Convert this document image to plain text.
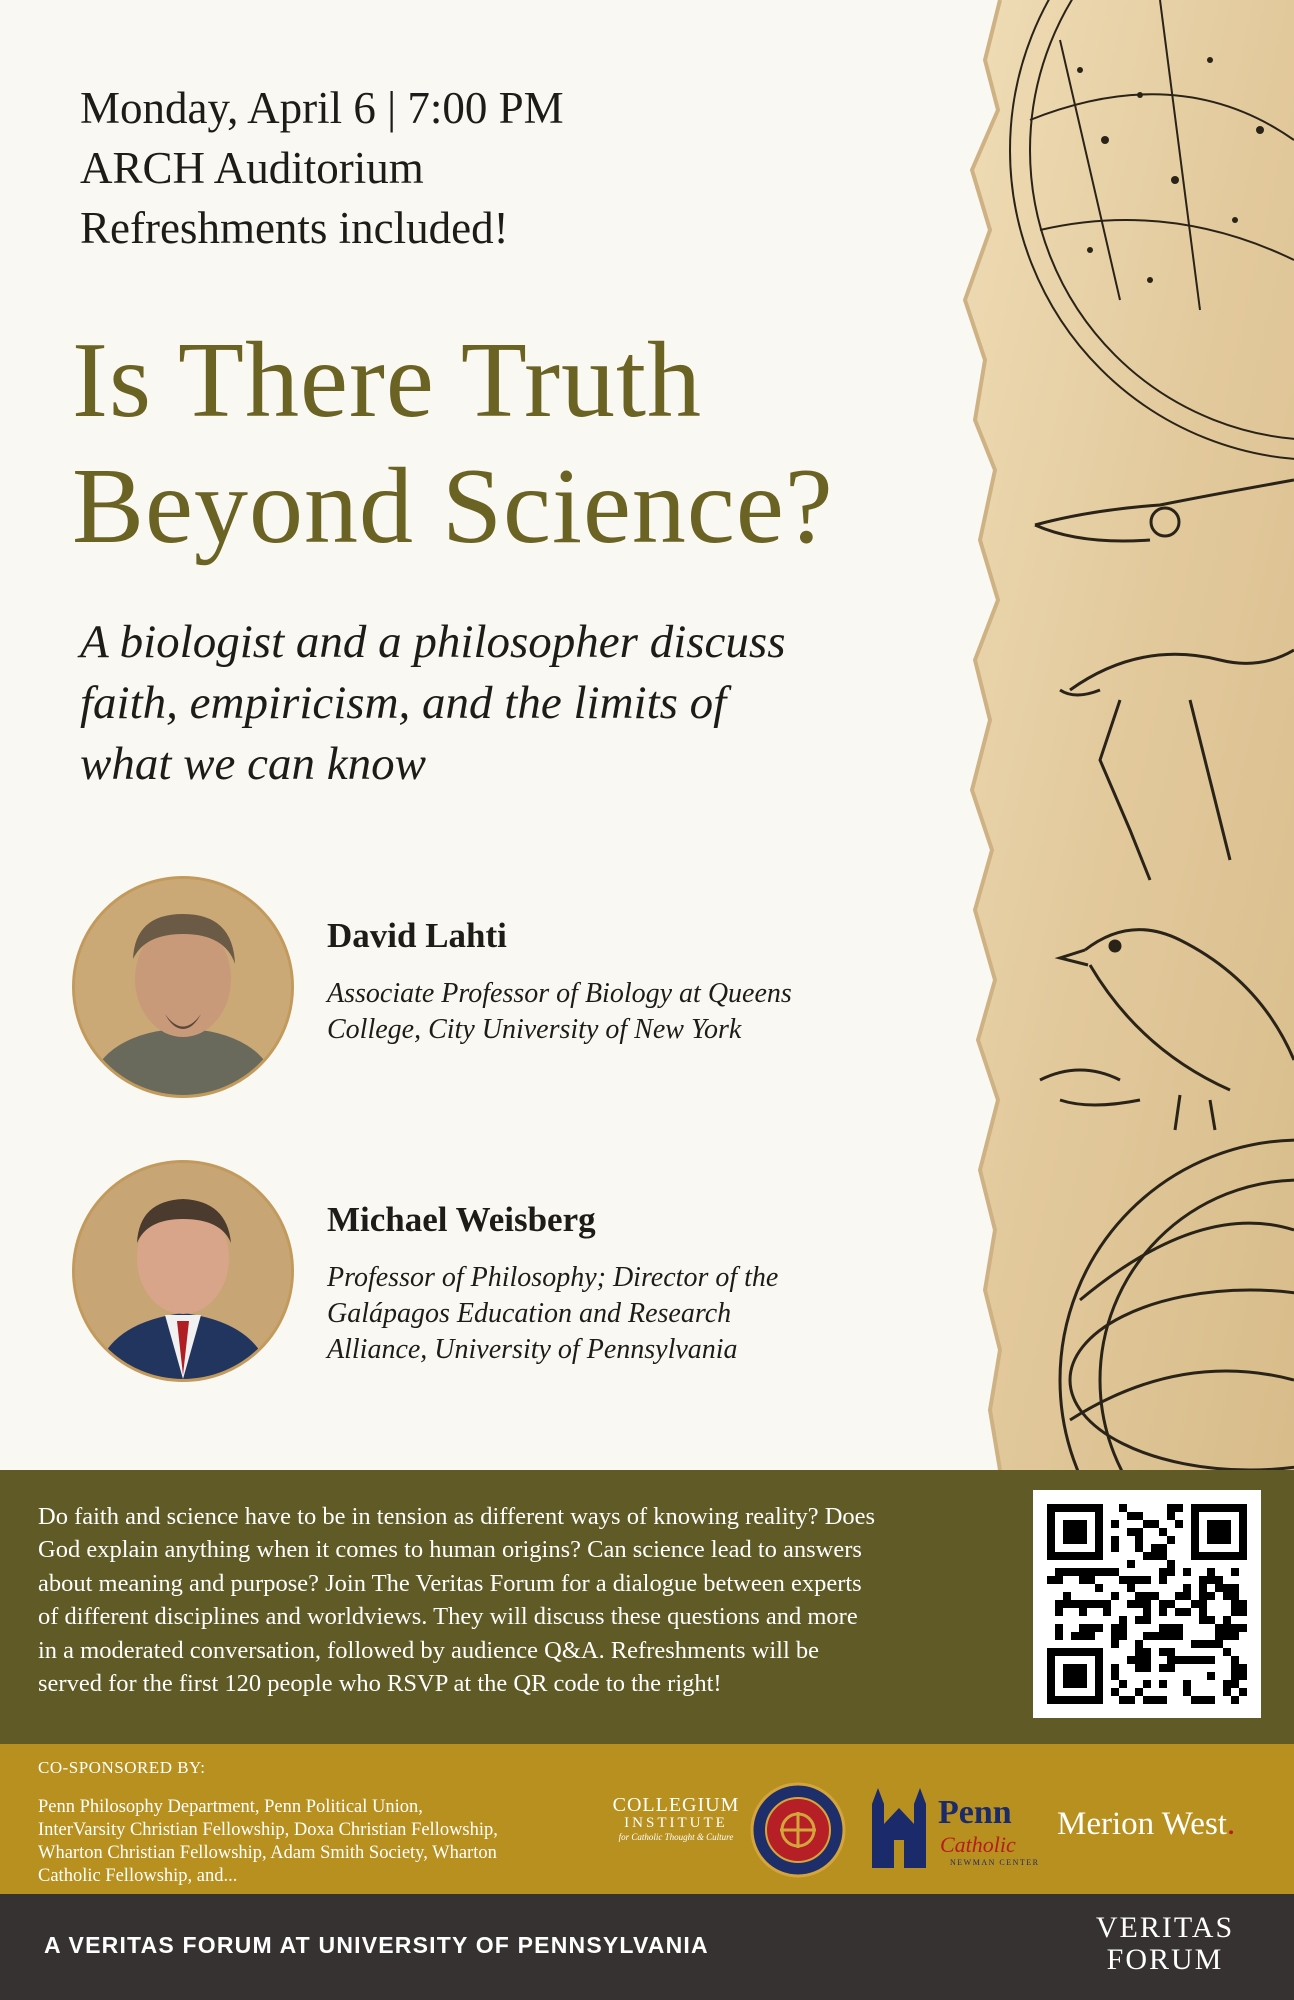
Monday, April 6 | 7:00 PM
ARCH Auditorium
Refreshments included!
Is There Truth
Beyond Science?
A biologist and a philosopher discuss
faith, empiricism, and the limits of
what we can know
David Lahti
Associate Professor of Biology at Queens
College, City University of New York
Michael Weisberg
Professor of Philosophy; Director of the
Galápagos Education and Research
Alliance, University of Pennsylvania
Do faith and science have to be in tension as different ways of knowing reality? Does
God explain anything when it comes to human origins? Can science lead to answers
about meaning and purpose? Join The Veritas Forum for a dialogue between experts
of different disciplines and worldviews. They will discuss these questions and more
in a moderated conversation, followed by audience Q&A. Refreshments will be
served for the first 120 people who RSVP at the QR code to the right!
CO-SPONSORED BY:
Penn Philosophy Department, Penn Political Union,
InterVarsity Christian Fellowship, Doxa Christian Fellowship,
Wharton Christian Fellowship, Adam Smith Society, Wharton
Catholic Fellowship, and...
COLLEGIUM
INSTITUTE
for Catholic Thought & Culture
Penn
Catholic
NEWMAN CENTER
Merion West.
A VERITAS FORUM AT UNIVERSITY OF PENNSYLVANIA
VERITAS
FORUM
